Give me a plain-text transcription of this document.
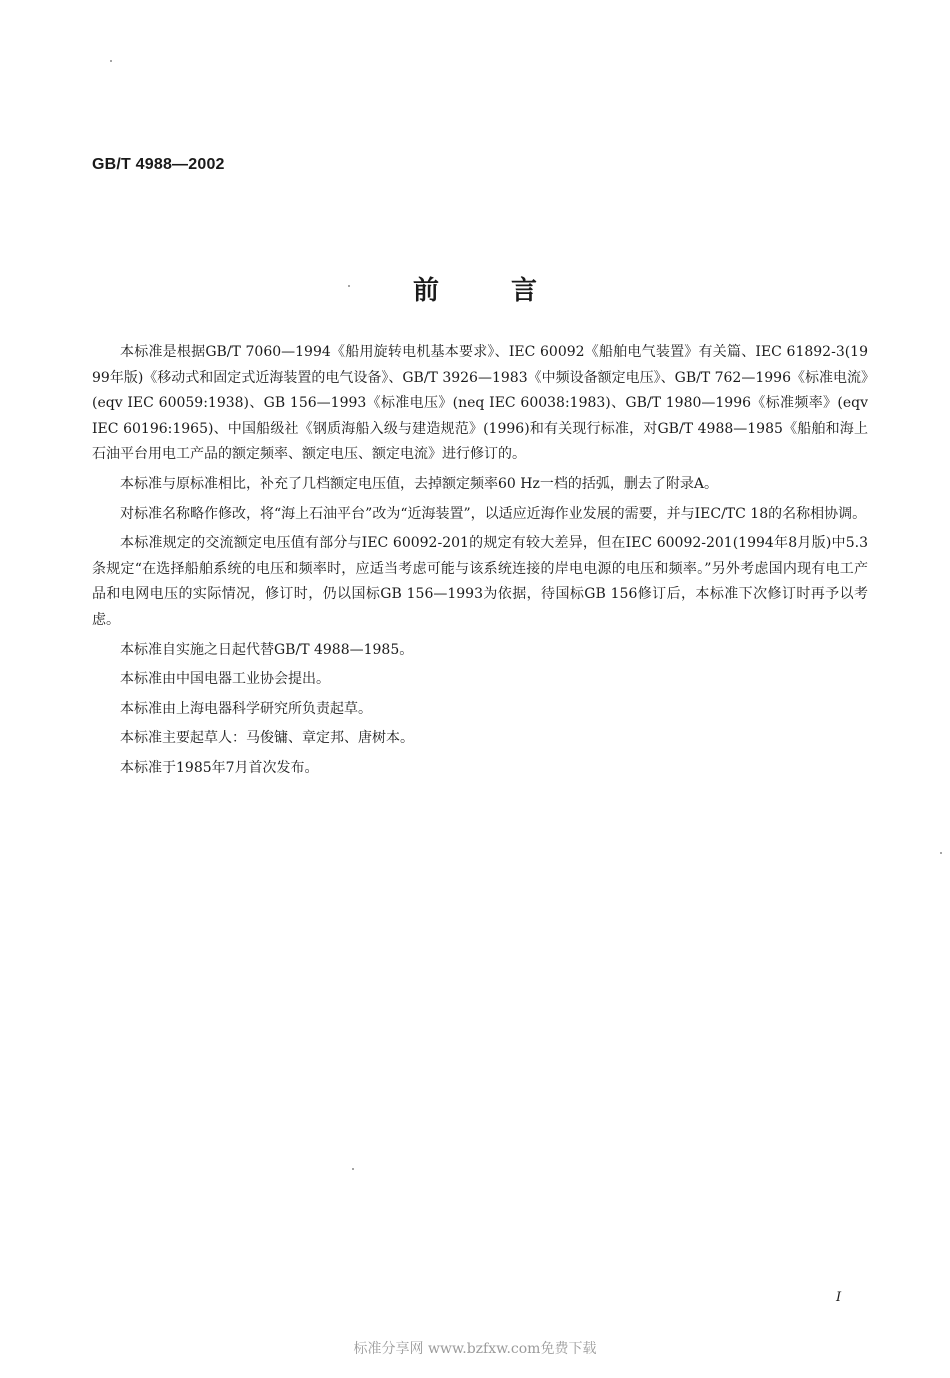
GB/T 4988—2002
前言

本标准是根据GB/T 7060—1994《船用旋转电机基本要求》、IEC 60092《船舶电气装置》有关篇、IEC 61892-3(1999年版)《移动式和固定式近海装置的电气设备》、GB/T 3926—1983《中频设备额定电压》、GB/T 762—1996《标准电流》(eqv IEC 60059:1938)、GB 156—1993《标准电压》(neq IEC 60038:1983)、GB/T 1980—1996《标准频率》(eqv IEC 60196:1965)、中国船级社《钢质海船入级与建造规范》(1996)和有关现行标准，对GB/T 4988—1985《船舶和海上石油平台用电工产品的额定频率、额定电压、额定电流》进行修订的。

本标准与原标准相比，补充了几档额定电压值，去掉额定频率60 Hz一档的括弧，删去了附录A。

对标准名称略作修改，将“海上石油平台”改为“近海装置”，以适应近海作业发展的需要，并与IEC/TC 18的名称相协调。

本标准规定的交流额定电压值有部分与IEC 60092-201的规定有较大差异，但在IEC 60092-201(1994年8月版)中5.3条规定“在选择船舶系统的电压和频率时，应适当考虑可能与该系统连接的岸电电源的电压和频率。”另外考虑国内现有电工产品和电网电压的实际情况，修订时，仍以国标GB 156—1993为依据，待国标GB 156修订后，本标准下次修订时再予以考虑。

本标准自实施之日起代替GB/T 4988—1985。

本标准由中国电器工业协会提出。

本标准由上海电器科学研究所负责起草。

本标准主要起草人：马俊镛、章定邦、唐树本。

本标准于1985年7月首次发布。

I
标准分享网 www.bzfxw.com免费下载
